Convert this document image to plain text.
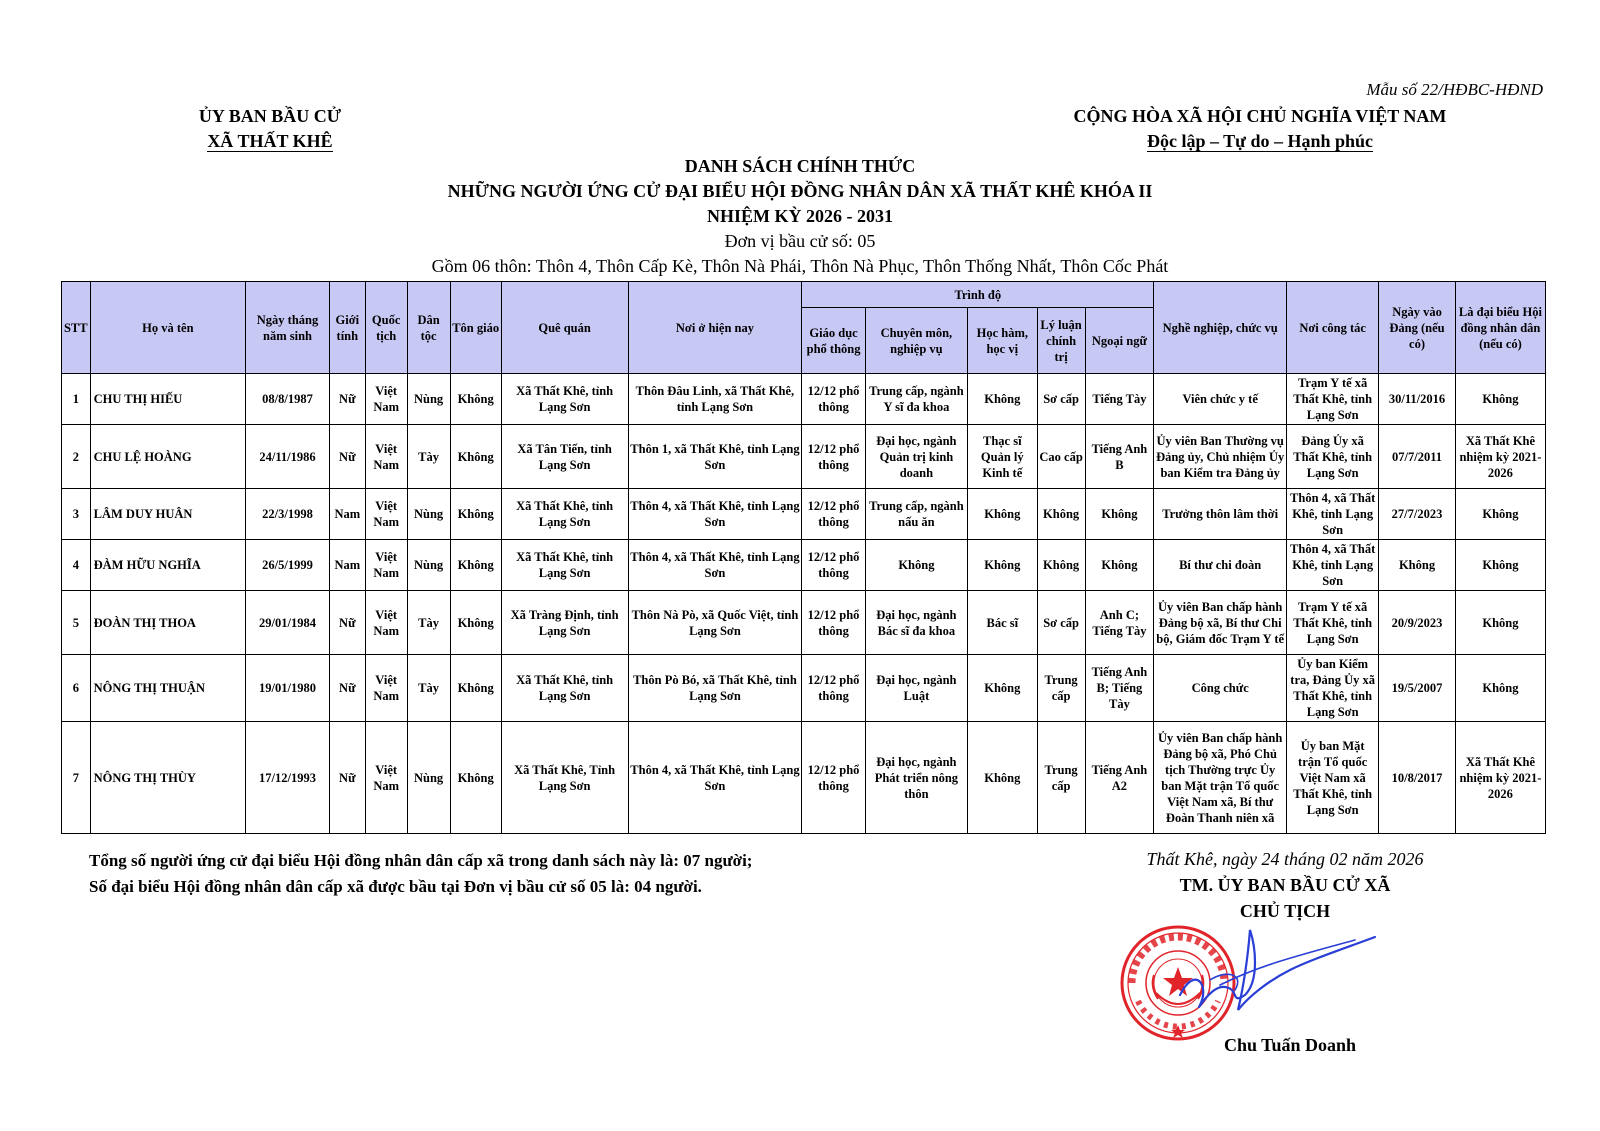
Mẫu số 22/HĐBC-HĐND
ỦY BAN BẦU CỬ
XÃ THẤT KHÊ
CỘNG HÒA XÃ HỘI CHỦ NGHĨA VIỆT NAM
Độc lập – Tự do – Hạnh phúc
DANH SÁCH CHÍNH THỨC
NHỮNG NGƯỜI ỨNG CỬ ĐẠI BIỂU HỘI ĐỒNG NHÂN DÂN XÃ THẤT KHÊ KHÓA II
NHIỆM KỲ 2026 - 2031
Đơn vị bầu cử số: 05
Gồm 06 thôn: Thôn 4, Thôn Cấp Kè, Thôn Nà Phái, Thôn Nà Phục, Thôn Thống Nhất, Thôn Cốc Phát
STT	Họ và tên	Ngày tháng năm sinh	Giới tính	Quốc tịch	Dân tộc	Tôn giáo	Quê quán	Nơi ở hiện nay	Trình độ					Nghề nghiệp, chức vụ	Nơi công tác	Ngày vào Đảng (nếu có)	Là đại biểu Hội đồng nhân dân (nếu có)
									Giáo dục phổ thông	Chuyên môn, nghiệp vụ	Học hàm, học vị	Lý luận chính trị	Ngoại ngữ				
1	CHU THỊ HIẾU	08/8/1987	Nữ	Việt Nam	Nùng	Không	Xã Thất Khê, tỉnh Lạng Sơn	Thôn Đâu Linh, xã Thất Khê, tỉnh Lạng Sơn	12/12 phổ thông	Trung cấp, ngành Y sĩ đa khoa	Không	Sơ cấp	Tiếng Tày	Viên chức y tế	Trạm Y tế xã Thất Khê, tỉnh Lạng Sơn	30/11/2016	Không
2	CHU LỆ HOÀNG	24/11/1986	Nữ	Việt Nam	Tày	Không	Xã Tân Tiến, tỉnh Lạng Sơn	Thôn 1, xã Thất Khê, tỉnh Lạng Sơn	12/12 phổ thông	Đại học, ngành Quản trị kinh doanh	Thạc sĩ Quản lý Kinh tế	Cao cấp	Tiếng Anh B	Ủy viên Ban Thường vụ Đảng ủy, Chủ nhiệm Ủy ban Kiểm tra Đảng ủy	Đảng Ủy xã Thất Khê, tỉnh Lạng Sơn	07/7/2011	Xã Thất Khê nhiệm kỳ 2021-2026
3	LÂM DUY HUÂN	22/3/1998	Nam	Việt Nam	Nùng	Không	Xã Thất Khê, tỉnh Lạng Sơn	Thôn 4, xã Thất Khê, tỉnh Lạng Sơn	12/12 phổ thông	Trung cấp, ngành nấu ăn	Không	Không	Không	Trưởng thôn lâm thời	Thôn 4, xã Thất Khê, tỉnh Lạng Sơn	27/7/2023	Không
4	ĐÀM HỮU NGHĨA	26/5/1999	Nam	Việt Nam	Nùng	Không	Xã Thất Khê, tỉnh Lạng Sơn	Thôn 4, xã Thất Khê, tỉnh Lạng Sơn	12/12 phổ thông	Không	Không	Không	Không	Bí thư chi đoàn	Thôn 4, xã Thất Khê, tỉnh Lạng Sơn	Không	Không
5	ĐOÀN THỊ THOA	29/01/1984	Nữ	Việt Nam	Tày	Không	Xã Tràng Định, tỉnh Lạng Sơn	Thôn Nà Pò, xã Quốc Việt, tỉnh Lạng Sơn	12/12 phổ thông	Đại học, ngành Bác sĩ đa khoa	Bác sĩ	Sơ cấp	Anh C; Tiếng Tày	Ủy viên Ban chấp hành Đảng bộ xã, Bí thư Chi bộ, Giám đốc Trạm Y tế	Trạm Y tế xã Thất Khê, tỉnh Lạng Sơn	20/9/2023	Không
6	NÔNG THỊ THUẬN	19/01/1980	Nữ	Việt Nam	Tày	Không	Xã Thất Khê, tỉnh Lạng Sơn	Thôn Pò Bó, xã Thất Khê, tỉnh Lạng Sơn	12/12 phổ thông	Đại học, ngành Luật	Không	Trung cấp	Tiếng Anh B; Tiếng Tày	Công chức	Ủy ban Kiểm tra, Đảng Ủy xã Thất Khê, tỉnh Lạng Sơn	19/5/2007	Không
7	NÔNG THỊ THÙY	17/12/1993	Nữ	Việt Nam	Nùng	Không	Xã Thất Khê, Tỉnh Lạng Sơn	Thôn 4, xã Thất Khê, tỉnh Lạng Sơn	12/12 phổ thông	Đại học, ngành Phát triển nông thôn	Không	Trung cấp	Tiếng Anh A2	Ủy viên Ban chấp hành Đảng bộ xã, Phó Chủ tịch Thường trực Ủy ban Mặt trận Tổ quốc Việt Nam xã, Bí thư Đoàn Thanh niên xã	Ủy ban Mặt trận Tổ quốc Việt Nam xã Thất Khê, tỉnh Lạng Sơn	10/8/2017	Xã Thất Khê nhiệm kỳ 2021-2026
Tổng số người ứng cử đại biểu Hội đồng nhân dân cấp xã trong danh sách này là: 07 người;
Số đại biểu Hội đồng nhân dân cấp xã được bầu tại Đơn vị bầu cử số 05 là: 04 người.
Thất Khê, ngày 24 tháng 02 năm 2026
TM. ỦY BAN BẦU CỬ XÃ
CHỦ TỊCH
Chu Tuấn Doanh
